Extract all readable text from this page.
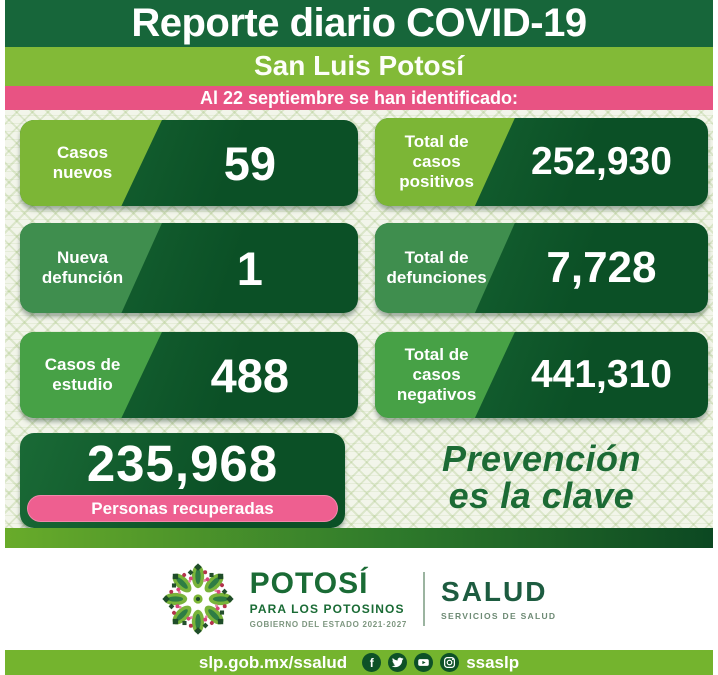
Reporte diario COVID-19
San Luis Potosí
Al 22 septiembre se han identificado:
Casos nuevos	59	Total de casos positivos	252,930
Nueva defunción	1	Total de defunciones	7,728
Casos de estudio	488	Total de casos negativos	441,310
235,968
Personas recuperadas
Prevención
es la clave
POTOSÍ
PARA LOS POTOSINOS
GOBIERNO DEL ESTADO 2021·2027
SALUD
SERVICIOS DE SALUD
slp.gob.mx/ssalud	f	ssaslp
